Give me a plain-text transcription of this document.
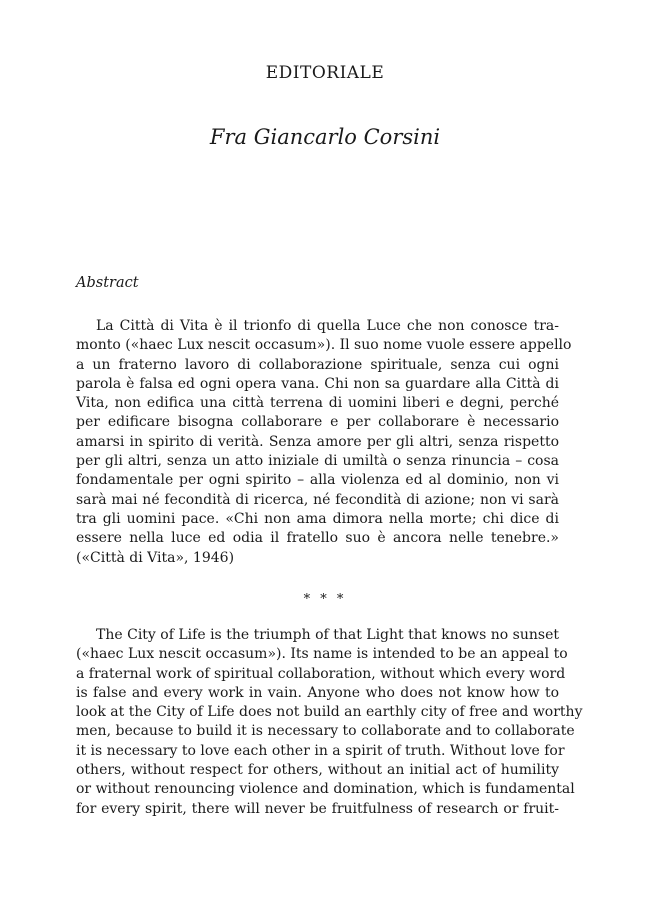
EDITORIALE
Fra Giancarlo Corsini
Abstract
La Città di Vita è il trionfo di quella Luce che non conosce tra-
monto («haec Lux nescit occasum»). Il suo nome vuole essere appello
a un fraterno lavoro di collaborazione spirituale, senza cui ogni
parola è falsa ed ogni opera vana. Chi non sa guardare alla Città di
Vita, non edifica una città terrena di uomini liberi e degni, perché
per edificare bisogna collaborare e per collaborare è necessario
amarsi in spirito di verità. Senza amore per gli altri, senza rispetto
per gli altri, senza un atto iniziale di umiltà o senza rinuncia – cosa
fondamentale per ogni spirito – alla violenza ed al dominio, non vi
sarà mai né fecondità di ricerca, né fecondità di azione; non vi sarà
tra gli uomini pace. «Chi non ama dimora nella morte; chi dice di
essere nella luce ed odia il fratello suo è ancora nelle tenebre.»
(«Città di Vita», 1946)
* * *
The City of Life is the triumph of that Light that knows no sunset
(«haec Lux nescit occasum»). Its name is intended to be an appeal to
a fraternal work of spiritual collaboration, without which every word
is false and every work in vain. Anyone who does not know how to
look at the City of Life does not build an earthly city of free and worthy
men, because to build it is necessary to collaborate and to collaborate
it is necessary to love each other in a spirit of truth. Without love for
others, without respect for others, without an initial act of humility
or without renouncing violence and domination, which is fundamental
for every spirit, there will never be fruitfulness of research or fruit-
